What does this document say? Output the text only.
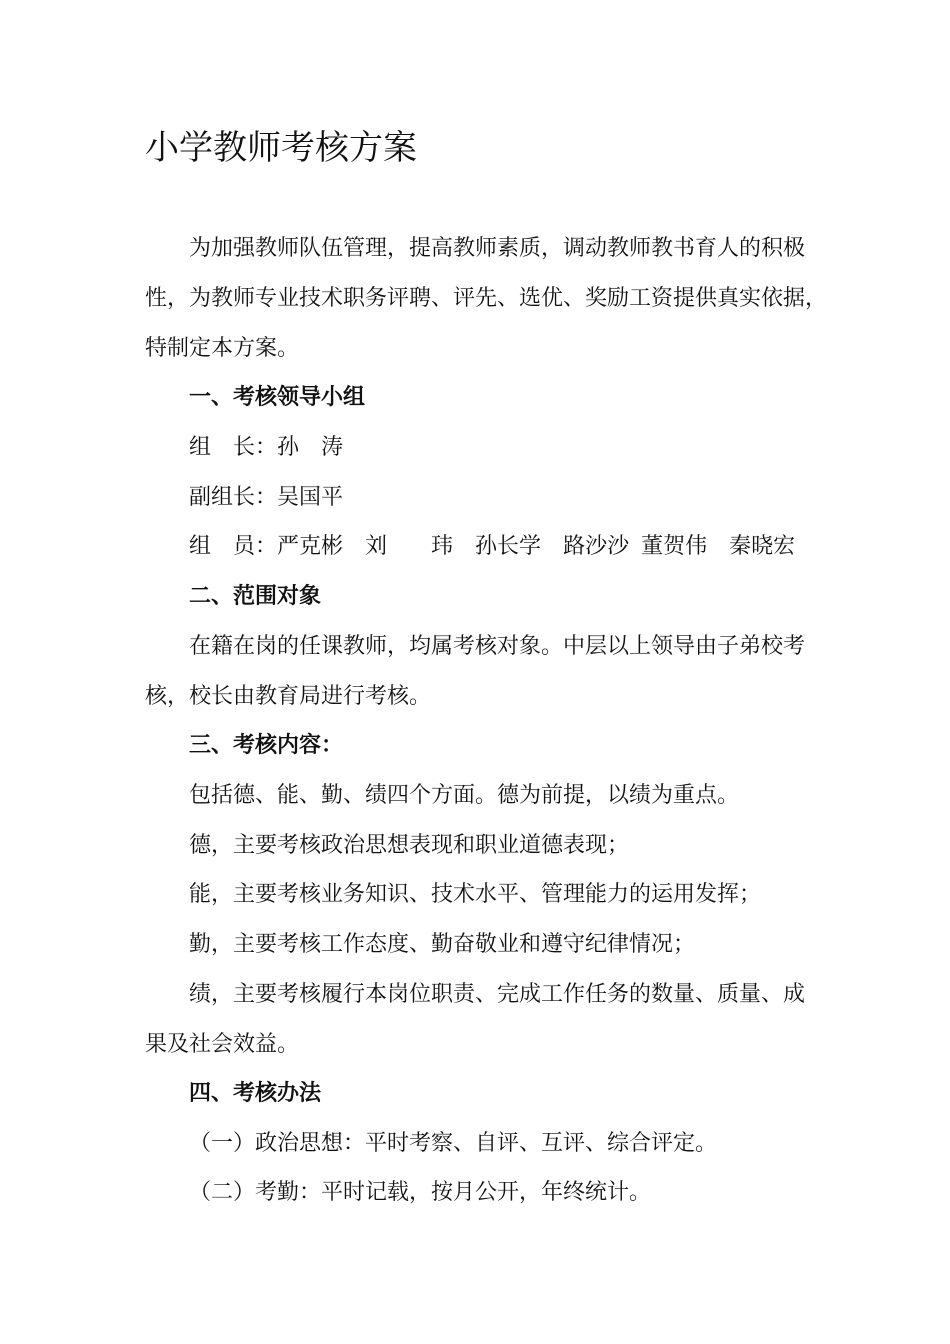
小学教师考核方案
为加强教师队伍管理，提高教师素质，调动教师教书育人的积极
性，为教师专业技术职务评聘、评先、选优、奖励工资提供真实依据，
特制定本方案。
一、考核领导小组
组　长：孙　涛
副组长：吴国平
组　员：严克彬 刘　　玮 孙长学 路沙沙 董贺伟 秦晓宏
二、范围对象
在籍在岗的任课教师，均属考核对象。中层以上领导由子弟校考
核，校长由教育局进行考核。
三、考核内容：
包括德、能、勤、绩四个方面。德为前提，以绩为重点。
德，主要考核政治思想表现和职业道德表现；
能，主要考核业务知识、技术水平、管理能力的运用发挥；
勤，主要考核工作态度、勤奋敬业和遵守纪律情况；
绩，主要考核履行本岗位职责、完成工作任务的数量、质量、成
果及社会效益。
四、考核办法
（一）政治思想：平时考察、自评、互评、综合评定。
（二）考勤：平时记载，按月公开，年终统计。
